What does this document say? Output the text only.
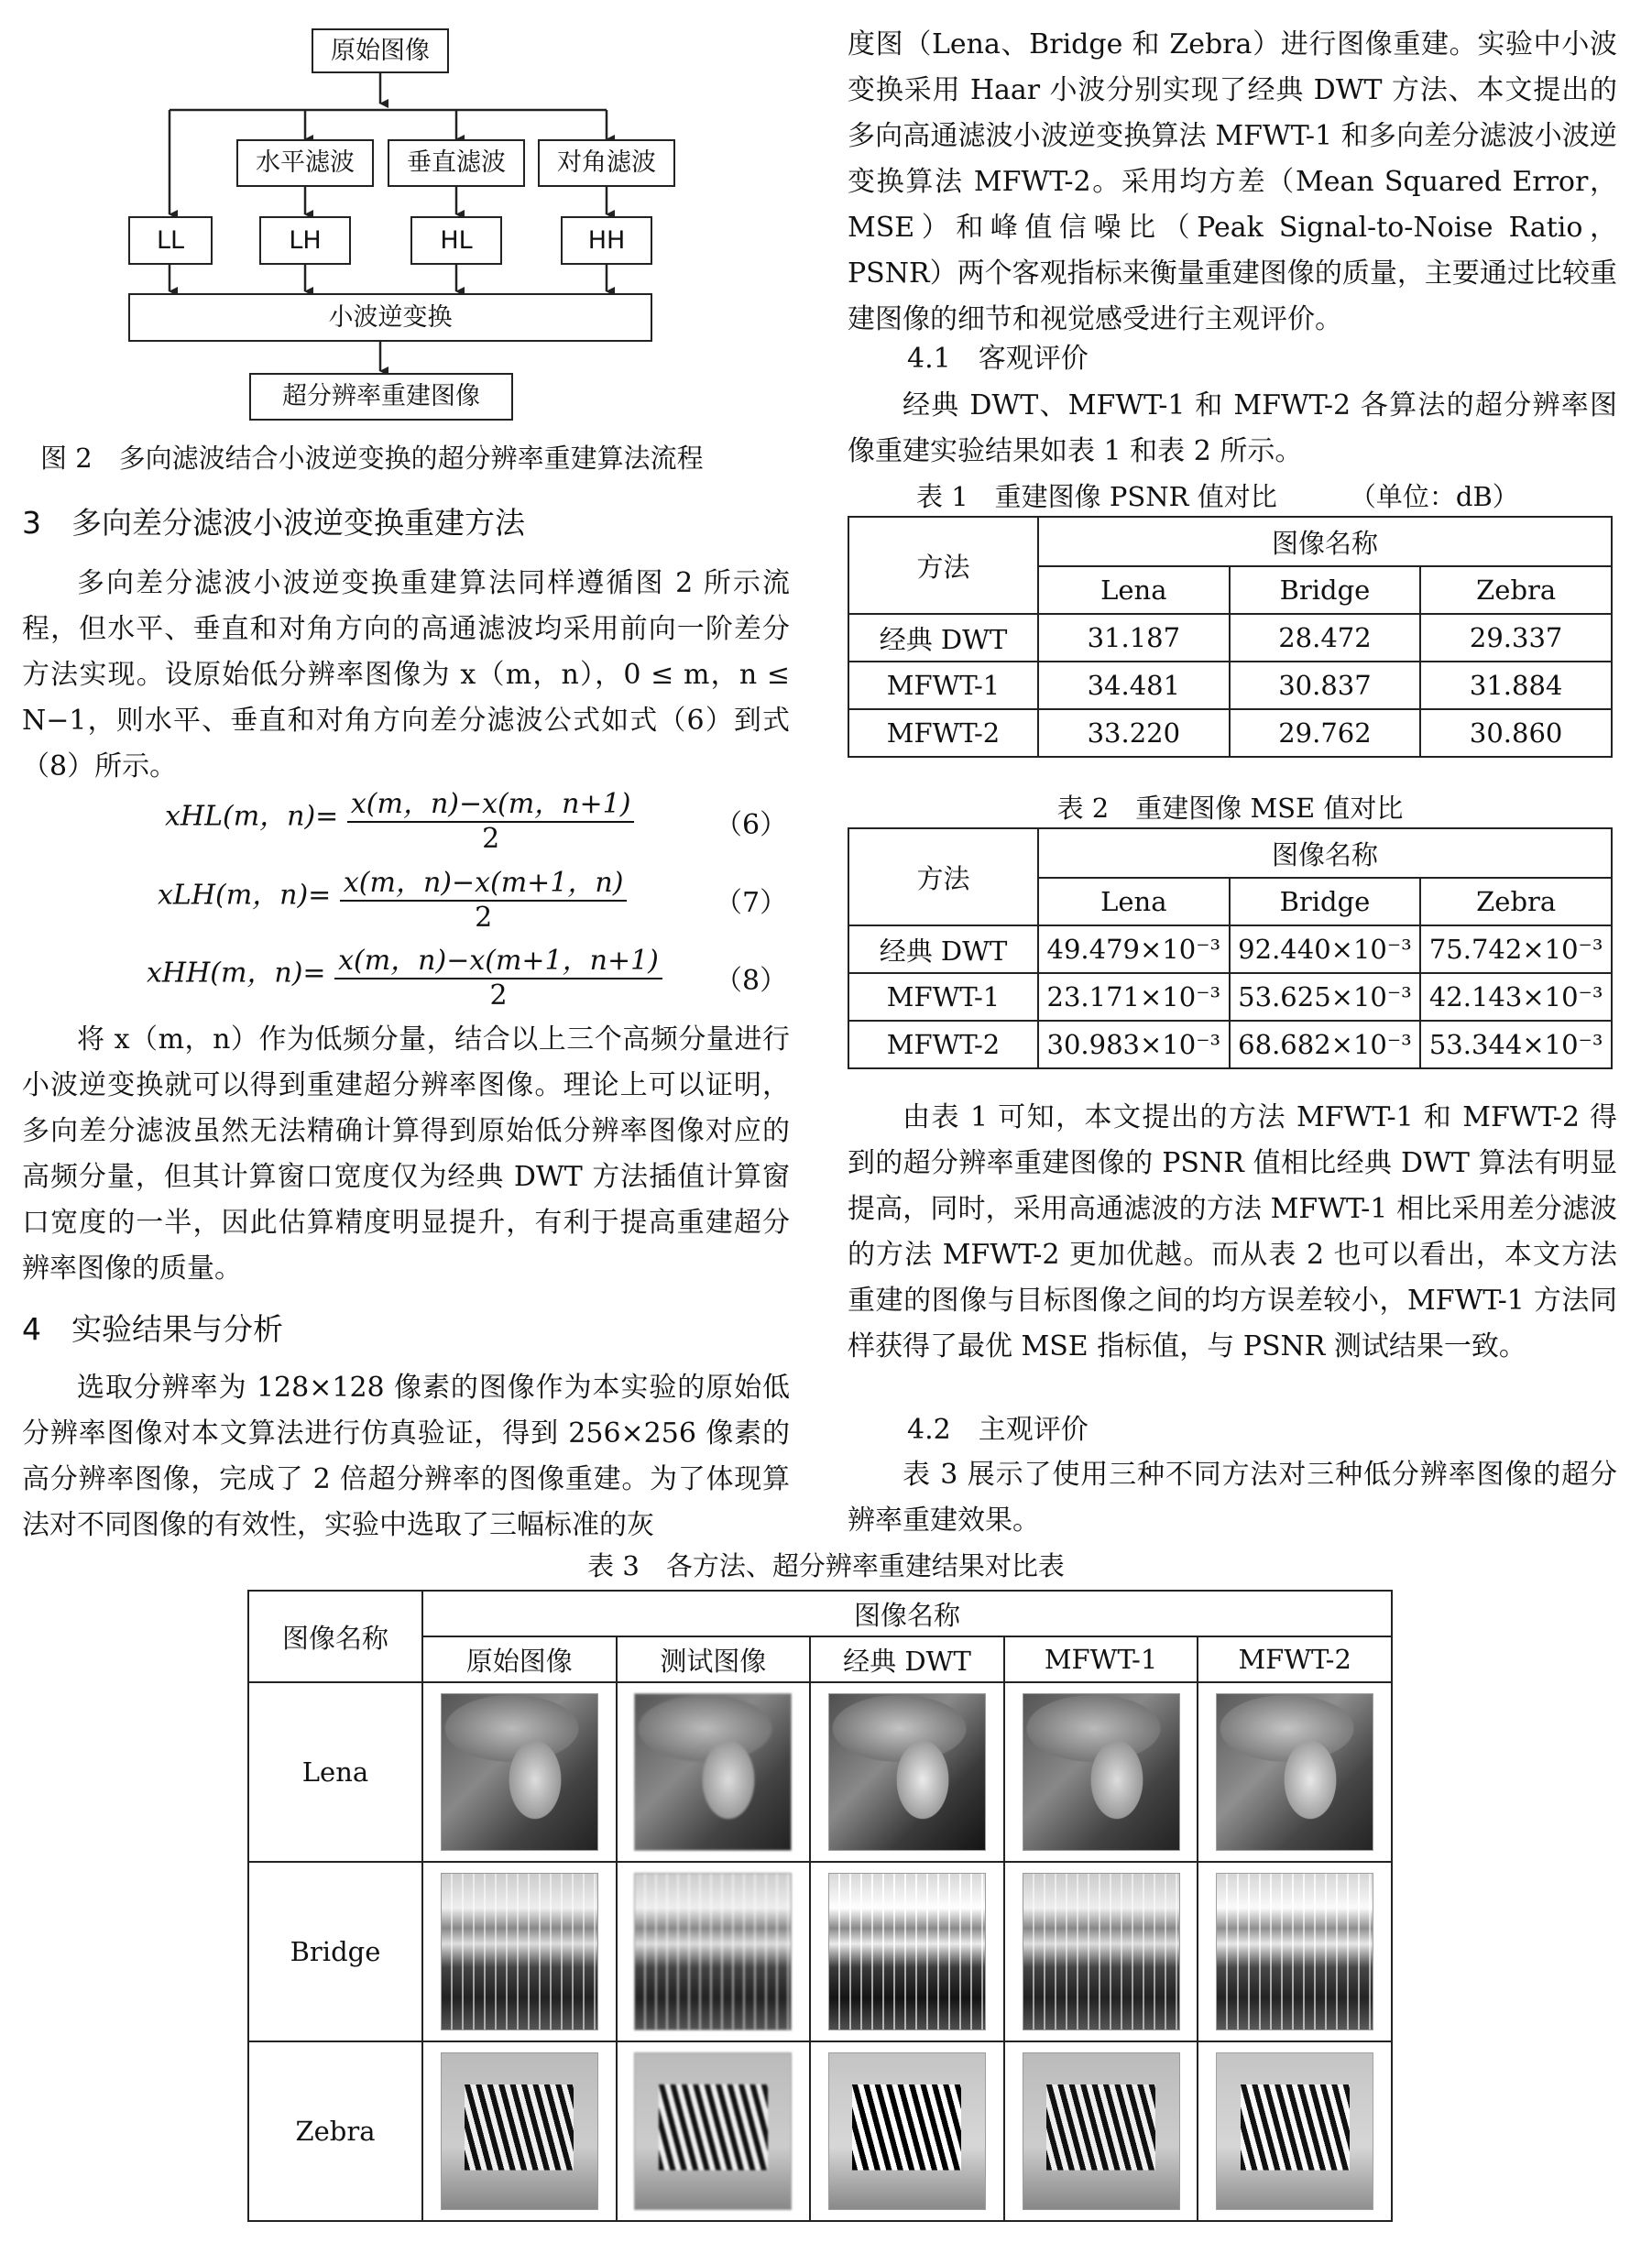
原始图像
水平滤波	垂直滤波	对角滤波
LL	LH	HL	HH
小波逆变换
超分辨率重建图像
图 2　多向滤波结合小波逆变换的超分辨率重建算法流程
3　多向差分滤波小波逆变换重建方法

多向差分滤波小波逆变换重建算法同样遵循图 2 所示流程，但水平、垂直和对角方向的高通滤波均采用前向一阶差分方法实现。设原始低分辨率图像为 x（m，n），0 ≤ m，n ≤ N−1，则水平、垂直和对角方向差分滤波公式如式（6）到式（8）所示。

xHL(m，$n)= \frac{x(m,n)-x(m,n+1)}{2}$	（6）
xLH(m，$n)= \frac{x(m,n)-x(m+1,n)}{2}$	（7）
xHH(m，$n)= \frac{x(m,n)-x(m+1,n+1)}{2} (8)$

将 x（m，n）作为低频分量，结合以上三个高频分量进行小波逆变换就可以得到重建超分辨率图像。理论上可以证明，多向差分滤波虽然无法精确计算得到原始低分辨率图像对应的高频分量，但其计算窗口宽度仅为经典 DWT 方法插值计算窗口宽度的一半，因此估算精度明显提升，有利于提高重建超分辨率图像的质量。

4　实验结果与分析

选取分辨率为 128×128 像素的图像作为本实验的原始低分辨率图像对本文算法进行仿真验证，得到 256×256 像素的高分辨率图像，完成了 2 倍超分辨率的图像重建。为了体现算法对不同图像的有效性，实验中选取了三幅标准的灰

度图（Lena、Bridge 和 Zebra）进行图像重建。实验中小波变换采用 Haar 小波分别实现了经典 DWT 方法、本文提出的多向高通滤波小波逆变换算法 MFWT-1 和多向差分滤波小波逆变换算法 MFWT-2。采用均方差（Mean Squared Error，MSE）和峰值信噪比（Peak Signal-to-Noise Ratio，PSNR）两个客观指标来衡量重建图像的质量，主要通过比较重建图像的细节和视觉感受进行主观评价。

4.1　客观评价

经典 DWT、MFWT-1 和 MFWT-2 各算法的超分辨率图像重建实验结果如表 1 和表 2 所示。

表 1　重建图像 PSNR 值对比	（单位：dB）
方法	图像名称		
	Lena	Bridge	Zebra
经典 DWT	31.187	28.472	29.337
MFWT-1	34.481	30.837	31.884
MFWT-2	33.220	29.762	30.860
表 2　重建图像 MSE 值对比
方法	图像名称		
	Lena	Bridge	Zebra
经典 DWT	49.479×10⁻³	92.440×10⁻³	75.742×10⁻³
MFWT-1	23.171×10⁻³	53.625×10⁻³	42.143×10⁻³
MFWT-2	30.983×10⁻³	68.682×10⁻³	53.344×10⁻³

由表 1 可知，本文提出的方法 MFWT-1 和 MFWT-2 得到的超分辨率重建图像的 PSNR 值相比经典 DWT 算法有明显提高，同时，采用高通滤波的方法 MFWT-1 相比采用差分滤波的方法 MFWT-2 更加优越。而从表 2 也可以看出，本文方法重建的图像与目标图像之间的均方误差较小，MFWT-1 方法同样获得了最优 MSE 指标值，与 PSNR 测试结果一致。

4.2　主观评价

表 3 展示了使用三种不同方法对三种低分辨率图像的超分辨率重建效果。

表 3　各方法、超分辨率重建结果对比表
图像名称	图像名称				
	原始图像	测试图像	经典 DWT	MFWT-1	MFWT-2
Lena	

Bridge	

Zebra	
